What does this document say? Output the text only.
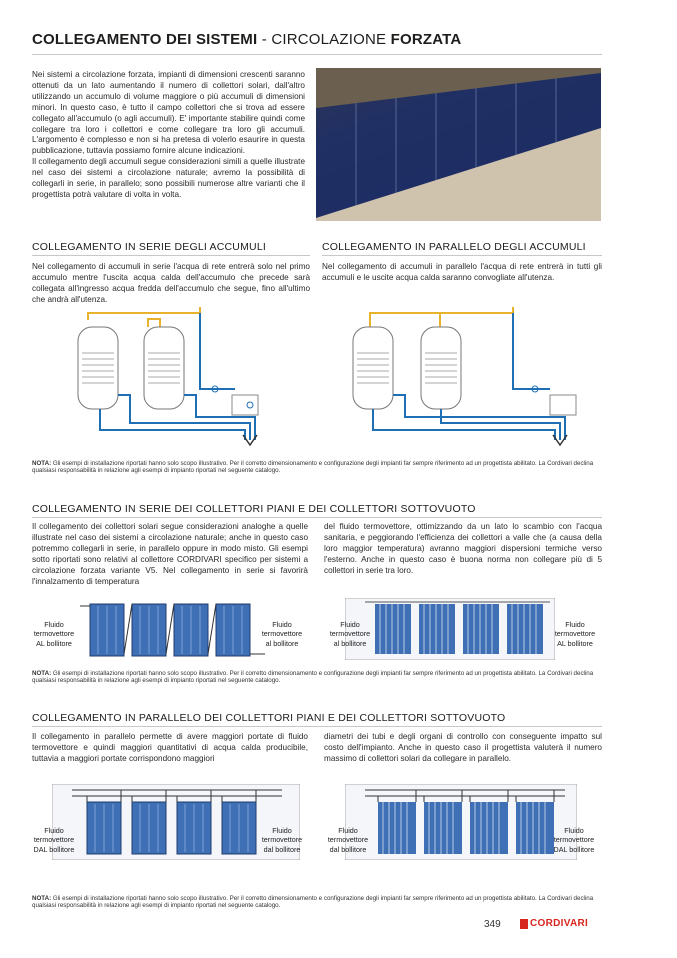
COLLEGAMENTO DEI SISTEMI - CIRCOLAZIONE FORZATA
Nei sistemi a circolazione forzata, impianti di dimensioni crescenti saranno ottenuti da un lato aumentando il numero di collettori solari, dall'altro utilizzando un accumulo di volume maggiore o più accumuli di dimensioni minori. In questo caso, è tutto il campo collettori che si trova ad essere collegato all'accumulo (o agli accumuli). E' importante stabilire quindi come collegare tra loro i collettori e come collegare tra loro gli accumuli. L'argomento è complesso e non si ha pretesa di volerlo esaurire in questa pubblicazione, tuttavia possiamo fornire alcune indicazioni.
Il collegamento degli accumuli segue considerazioni simili a quelle illustrate nel caso dei sistemi a circolazione naturale; avremo la possibilità di collegarli in serie, in parallelo; sono possibili numerose altre varianti che il progettista potrà valutare di volta in volta.
COLLEGAMENTO IN SERIE DEGLI ACCUMULI
Nel collegamento di accumuli in serie l'acqua di rete entrerà solo nel primo accumulo mentre l'uscita acqua calda dell'accumulo che precede sarà collegata all'ingresso acqua fredda dell'accumulo che segue, fino all'ultimo che andrà all'utenza.
COLLEGAMENTO IN PARALLELO DEGLI ACCUMULI
Nel collegamento di accumuli in parallelo l'acqua di rete entrerà in tutti gli accumuli e le uscite acqua calda saranno convogliate all'utenza.
NOTA: Gli esempi di installazione riportati hanno solo scopo illustrativo. Per il corretto dimensionamento e configurazione degli impianti far sempre riferimento ad un progettista abilitato. La Cordivari declina qualsiasi responsabilità in relazione agli esempi di impianto riportati nel seguente catalogo.
COLLEGAMENTO IN SERIE DEI COLLETTORI PIANI E DEI COLLETTORI SOTTOVUOTO
Il collegamento dei collettori solari segue considerazioni analoghe a quelle illustrate nel caso dei sistemi a circolazione naturale; anche in questo caso potremmo collegarli in serie, in parallelo oppure in modo misto. Gli esempi sotto riportati sono relativi al collettore CORDIVARI specifico per sistemi a circolazione forzata variante V5. Nel collegamento in serie si favorirà l'innalzamento di temperatura
del fluido termovettore, ottimizzando da un lato lo scambio con l'acqua sanitaria, e peggiorando l'efficienza dei collettori a valle che (a causa della loro maggior temperatura) avranno maggiori dispersioni termiche verso l'esterno. Anche in questo caso è buona norma non collegare più di 5 collettori in serie tra loro.
Fluido
termovettore
AL bollitore
Fluido
termovettore
al bollitore
Fluido
termovettore
al bollitore
Fluido
termovettore
AL bollitore
NOTA: Gli esempi di installazione riportati hanno solo scopo illustrativo. Per il corretto dimensionamento e configurazione degli impianti far sempre riferimento ad un progettista abilitato. La Cordivari declina qualsiasi responsabilità in relazione agli esempi di impianto riportati nel seguente catalogo.
COLLEGAMENTO IN PARALLELO DEI COLLETTORI PIANI E DEI COLLETTORI SOTTOVUOTO
Il collegamento in parallelo permette di avere maggiori portate di fluido termovettore e quindi maggiori quantitativi di acqua calda producibile, tuttavia a maggiori portate corrispondono maggiori
diametri dei tubi e degli organi di controllo con conseguente impatto sul costo dell'impianto. Anche in questo caso il progettista valuterà il numero massimo di collettori solari da collegare in parallelo.
Fluido
termovettore
DAL bollitore
Fluido
termovettore
dal bollitore
Fluido
termovettore
dal bollitore
Fluido
termovettore
DAL bollitore
NOTA: Gli esempi di installazione riportati hanno solo scopo illustrativo. Per il corretto dimensionamento e configurazione degli impianti far sempre riferimento ad un progettista abilitato. La Cordivari declina qualsiasi responsabilità in relazione agli esempi di impianto riportati nel seguente catalogo.
349	CORDIVARI
